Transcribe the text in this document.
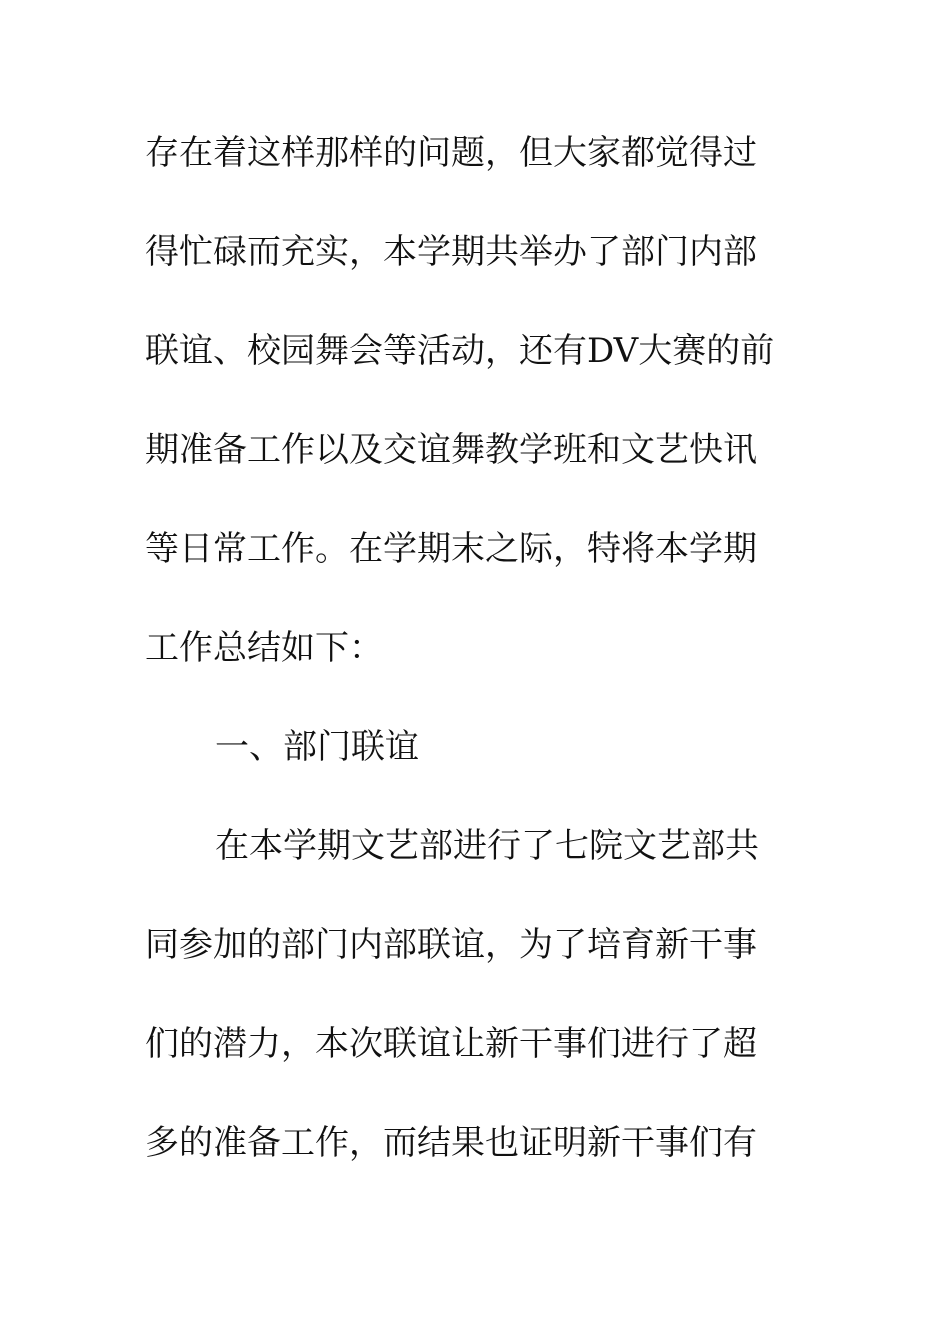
存在着这样那样的问题，但大家都觉得过
得忙碌而充实，本学期共举办了部门内部
联谊、校园舞会等活动，还有DV大赛的前
期准备工作以及交谊舞教学班和文艺快讯
等日常工作。在学期末之际，特将本学期
工作总结如下：
一、部门联谊
在本学期文艺部进行了七院文艺部共
同参加的部门内部联谊，为了培育新干事
们的潜力，本次联谊让新干事们进行了超
多的准备工作，而结果也证明新干事们有
